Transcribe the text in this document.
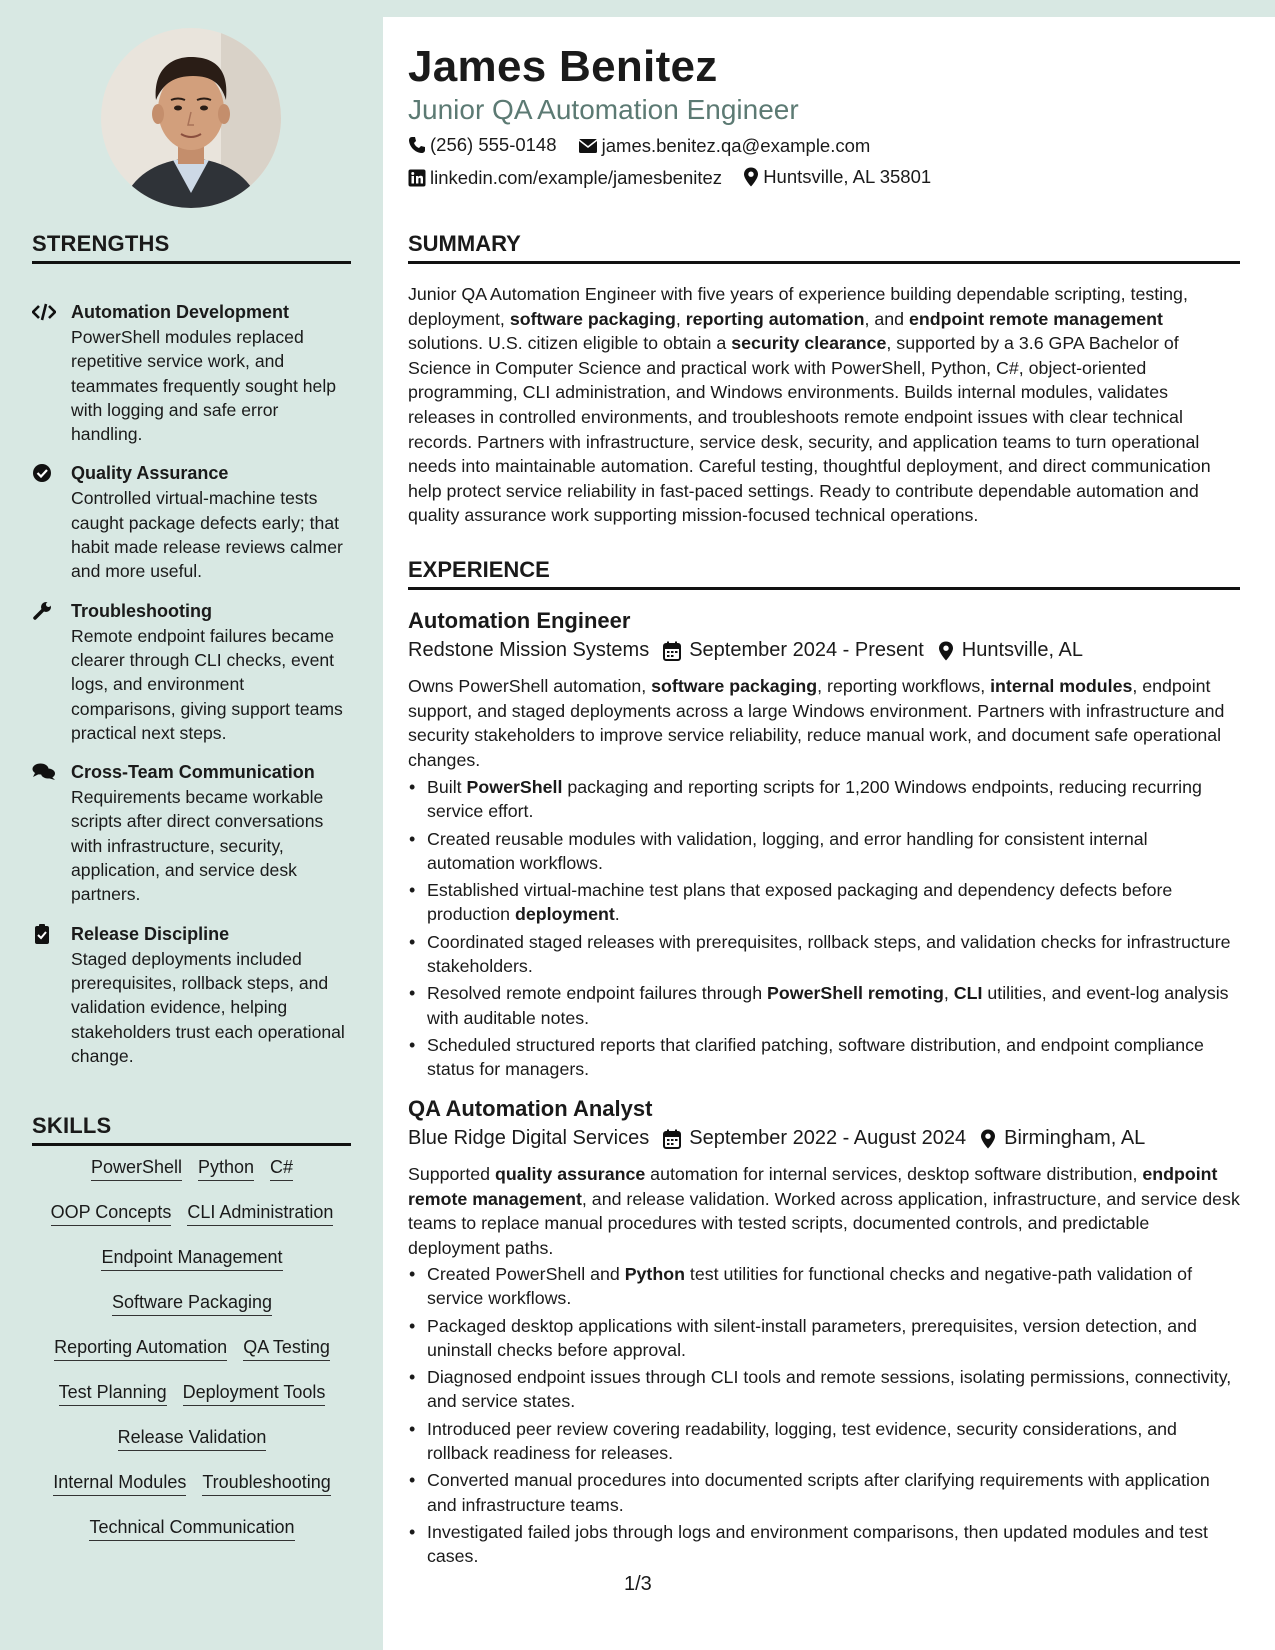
STRENGTHS
Automation Development
PowerShell modules replaced repetitive service work, and teammates frequently sought help with logging and safe error handling.
Quality Assurance
Controlled virtual-machine tests caught package defects early; that habit made release reviews calmer and more useful.
Troubleshooting
Remote endpoint failures became clearer through CLI checks, event logs, and environment comparisons, giving support teams practical next steps.
Cross-Team Communication
Requirements became workable scripts after direct conversations with infrastructure, security, application, and service desk partners.
Release Discipline
Staged deployments included prerequisites, rollback steps, and validation evidence, helping stakeholders trust each operational change.
SKILLS
PowerShell Python C#
OOP Concepts CLI Administration
Endpoint Management
Software Packaging
Reporting Automation QA Testing
Test Planning Deployment Tools
Release Validation
Internal Modules Troubleshooting
Technical Communication
James Benitez
Junior QA Automation Engineer
(256) 555-0148
james.benitez.qa@example.com
linkedin.com/example/jamesbenitez
Huntsville, AL 35801
SUMMARY
Junior QA Automation Engineer with five years of experience building dependable scripting, testing, deployment, software packaging, reporting automation, and endpoint remote management solutions. U.S. citizen eligible to obtain a security clearance, supported by a 3.6 GPA Bachelor of Science in Computer Science and practical work with PowerShell, Python, C#, object-oriented programming, CLI administration, and Windows environments. Builds internal modules, validates releases in controlled environments, and troubleshoots remote endpoint issues with clear technical records. Partners with infrastructure, service desk, security, and application teams to turn operational needs into maintainable automation. Careful testing, thoughtful deployment, and direct communication help protect service reliability in fast-paced settings. Ready to contribute dependable automation and quality assurance work supporting mission-focused technical operations.
EXPERIENCE
Automation Engineer
Redstone Mission Systems September 2024 - Present Huntsville, AL
Owns PowerShell automation, software packaging, reporting workflows, internal modules, endpoint support, and staged deployments across a large Windows environment. Partners with infrastructure and security stakeholders to improve service reliability, reduce manual work, and document safe operational changes.
• Built PowerShell packaging and reporting scripts for 1,200 Windows endpoints, reducing recurring service effort.
• Created reusable modules with validation, logging, and error handling for consistent internal automation workflows.
• Established virtual-machine test plans that exposed packaging and dependency defects before production deployment.
• Coordinated staged releases with prerequisites, rollback steps, and validation checks for infrastructure stakeholders.
• Resolved remote endpoint failures through PowerShell remoting, CLI utilities, and event-log analysis with auditable notes.
• Scheduled structured reports that clarified patching, software distribution, and endpoint compliance status for managers.
QA Automation Analyst
Blue Ridge Digital Services September 2022 - August 2024 Birmingham, AL
Supported quality assurance automation for internal services, desktop software distribution, endpoint remote management, and release validation. Worked across application, infrastructure, and service desk teams to replace manual procedures with tested scripts, documented controls, and predictable deployment paths.
• Created PowerShell and Python test utilities for functional checks and negative-path validation of service workflows.
• Packaged desktop applications with silent-install parameters, prerequisites, version detection, and uninstall checks before approval.
• Diagnosed endpoint issues through CLI tools and remote sessions, isolating permissions, connectivity, and service states.
• Introduced peer review covering readability, logging, test evidence, security considerations, and rollback readiness for releases.
• Converted manual procedures into documented scripts after clarifying requirements with application and infrastructure teams.
• Investigated failed jobs through logs and environment comparisons, then updated modules and test cases.
1/3
